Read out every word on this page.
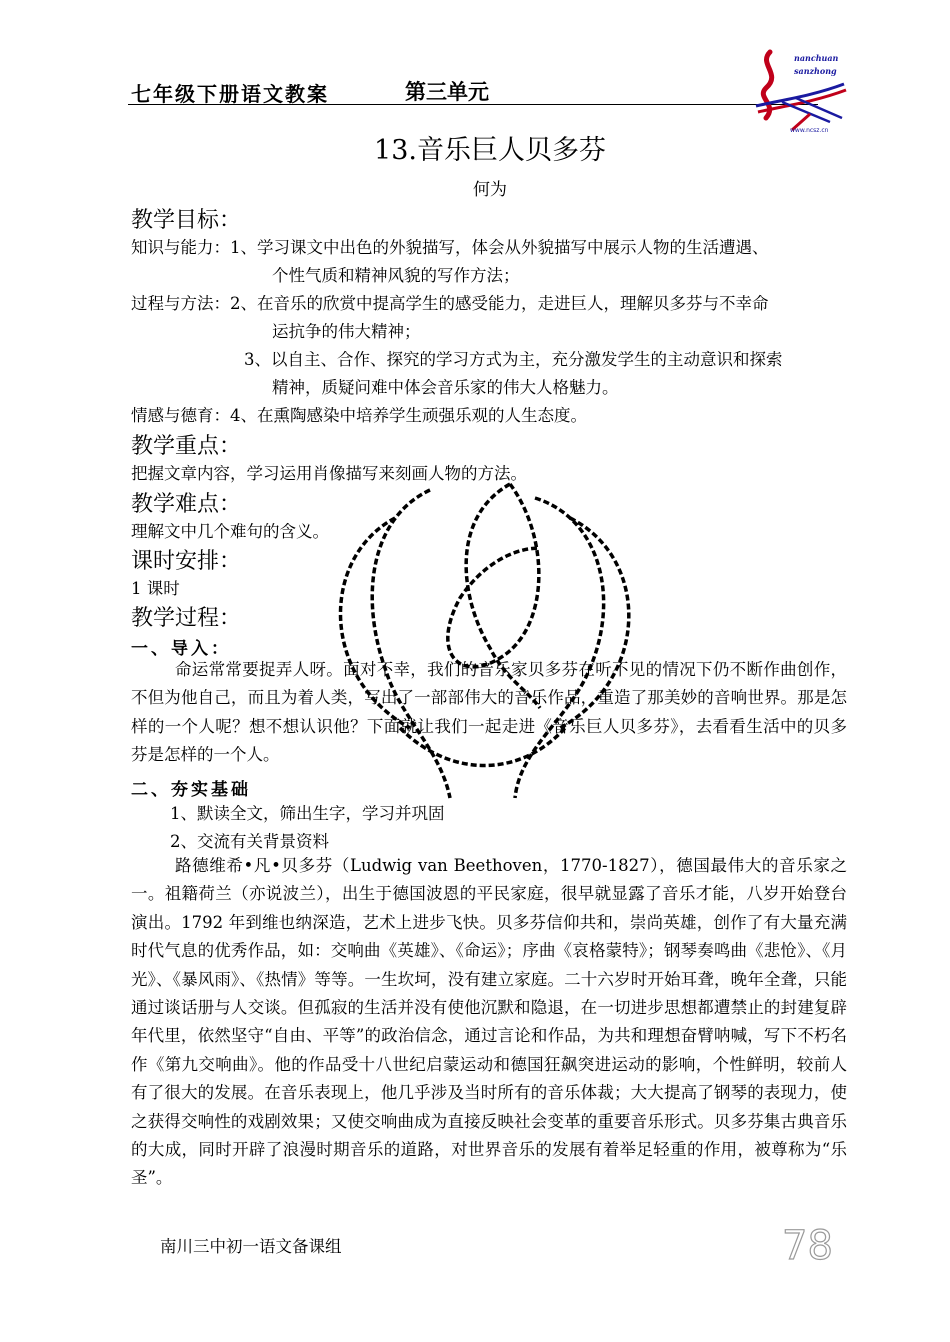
七年级下册语文教案	第三单元
nanchuan
sanzhong
www.ncsz.cn
13.音乐巨人贝多芬
何为
教学目标：
知识与能力：1、学习课文中出色的外貌描写，体会从外貌描写中展示人物的生活遭遇、
个性气质和精神风貌的写作方法；
过程与方法：2、在音乐的欣赏中提高学生的感受能力，走进巨人，理解贝多芬与不幸命
运抗争的伟大精神；
3、以自主、合作、探究的学习方式为主，充分激发学生的主动意识和探索
精神，质疑问难中体会音乐家的伟大人格魅力。
情感与德育：4、在熏陶感染中培养学生顽强乐观的人生态度。
教学重点：
把握文章内容，学习运用肖像描写来刻画人物的方法。
教学难点：
理解文中几个难句的含义。
课时安排：
1 课时
教学过程：
一、导入：
命运常常要捉弄人呀。面对不幸，我们的音乐家贝多芬在听不见的情况下仍不断作曲创作，不但为他自己，而且为着人类，写出了一部部伟大的音乐作品，重造了那美妙的音响世界。那是怎样的一个人呢？想不想认识他？下面就让我们一起走进《音乐巨人贝多芬》，去看看生活中的贝多芬是怎样的一个人。
二、夯实基础
1、默读全文，筛出生字，学习并巩固
2、交流有关背景资料
路德维希•凡•贝多芬（Ludwig van Beethoven，1770-1827），德国最伟大的音乐家之一。祖籍荷兰（亦说波兰），出生于德国波恩的平民家庭，很早就显露了音乐才能，八岁开始登台演出。1792 年到维也纳深造，艺术上进步飞快。贝多芬信仰共和，崇尚英雄，创作了有大量充满时代气息的优秀作品，如：交响曲《英雄》、《命运》；序曲《哀格蒙特》；钢琴奏鸣曲《悲怆》、《月光》、《暴风雨》、《热情》等等。一生坎坷，没有建立家庭。二十六岁时开始耳聋，晚年全聋，只能通过谈话册与人交谈。但孤寂的生活并没有使他沉默和隐退，在一切进步思想都遭禁止的封建复辟年代里，依然坚守“自由、平等”的政治信念，通过言论和作品，为共和理想奋臂呐喊，写下不朽名作《第九交响曲》。他的作品受十八世纪启蒙运动和德国狂飙突进运动的影响，个性鲜明，较前人有了很大的发展。在音乐表现上，他几乎涉及当时所有的音乐体裁；大大提高了钢琴的表现力，使之获得交响性的戏剧效果；又使交响曲成为直接反映社会变革的重要音乐形式。贝多芬集古典音乐的大成，同时开辟了浪漫时期音乐的道路，对世界音乐的发展有着举足轻重的作用，被尊称为“乐圣”。
南川三中初一语文备课组	78
